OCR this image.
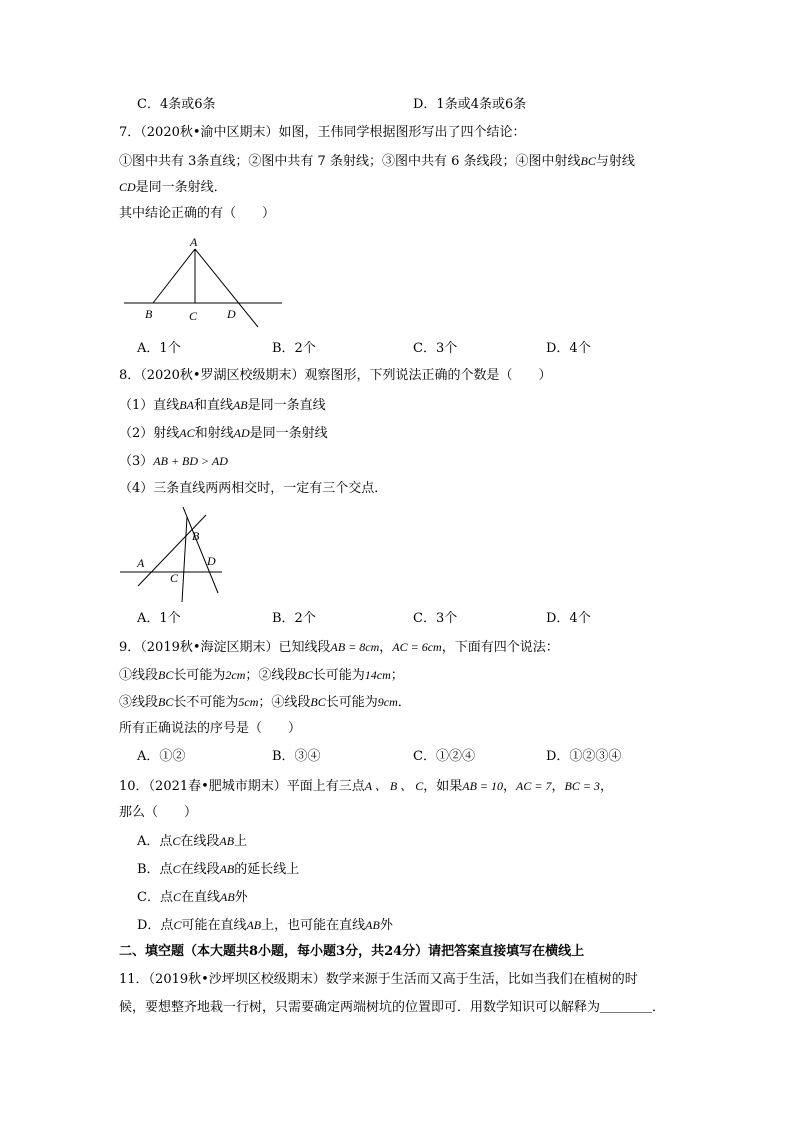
C．4条或6条	D．1条或4条或6条
7．（2020秋•渝中区期末）如图，王伟同学根据图形写出了四个结论：
①图中共有 3条直线；②图中共有 7 条射线；③图中共有 6 条线段；④图中射线BC与射线
CD是同一条射线．
其中结论正确的有（　　）
A
B	C D
A．1个	B．2个	C．3个	D．4个
8．（2020秋•罗湖区校级期末）观察图形，下列说法正确的个数是（　　）
（1）直线BA和直线AB是同一条直线
（2）射线AC和射线AD是同一条射线
（3）AB + BD > AD
（4）三条直线两两相交时，一定有三个交点．
A
B
C
D
A．1个	B．2个	C．3个	D．4个
9．（2019秋•海淀区期末）已知线段AB = 8cm，AC = 6cm，下面有四个说法：
①线段BC长可能为2cm；②线段BC长可能为14cm；
③线段BC长不可能为5cm；④线段BC长可能为9cm．
所有正确说法的序号是（　　）
A．①②	B．③④	C．①②④	D．①②③④
10．（2021春•肥城市期末）平面上有三点A 、 B 、 C，如果AB = 10，AC = 7，BC = 3，
那么（　　）
A．点C在线段AB上
B．点C在线段AB的延长线上
C．点C在直线AB外
D．点C可能在直线AB上，也可能在直线AB外
二、填空题（本大题共8小题，每小题3分，共24分）请把答案直接填写在横线上
11．（2019秋•沙坪坝区校级期末）数学来源于生活而又高于生活，比如当我们在植树的时
候，要想整齐地栽一行树，只需要确定两端树坑的位置即可．用数学知识可以解释为＿＿＿＿．
